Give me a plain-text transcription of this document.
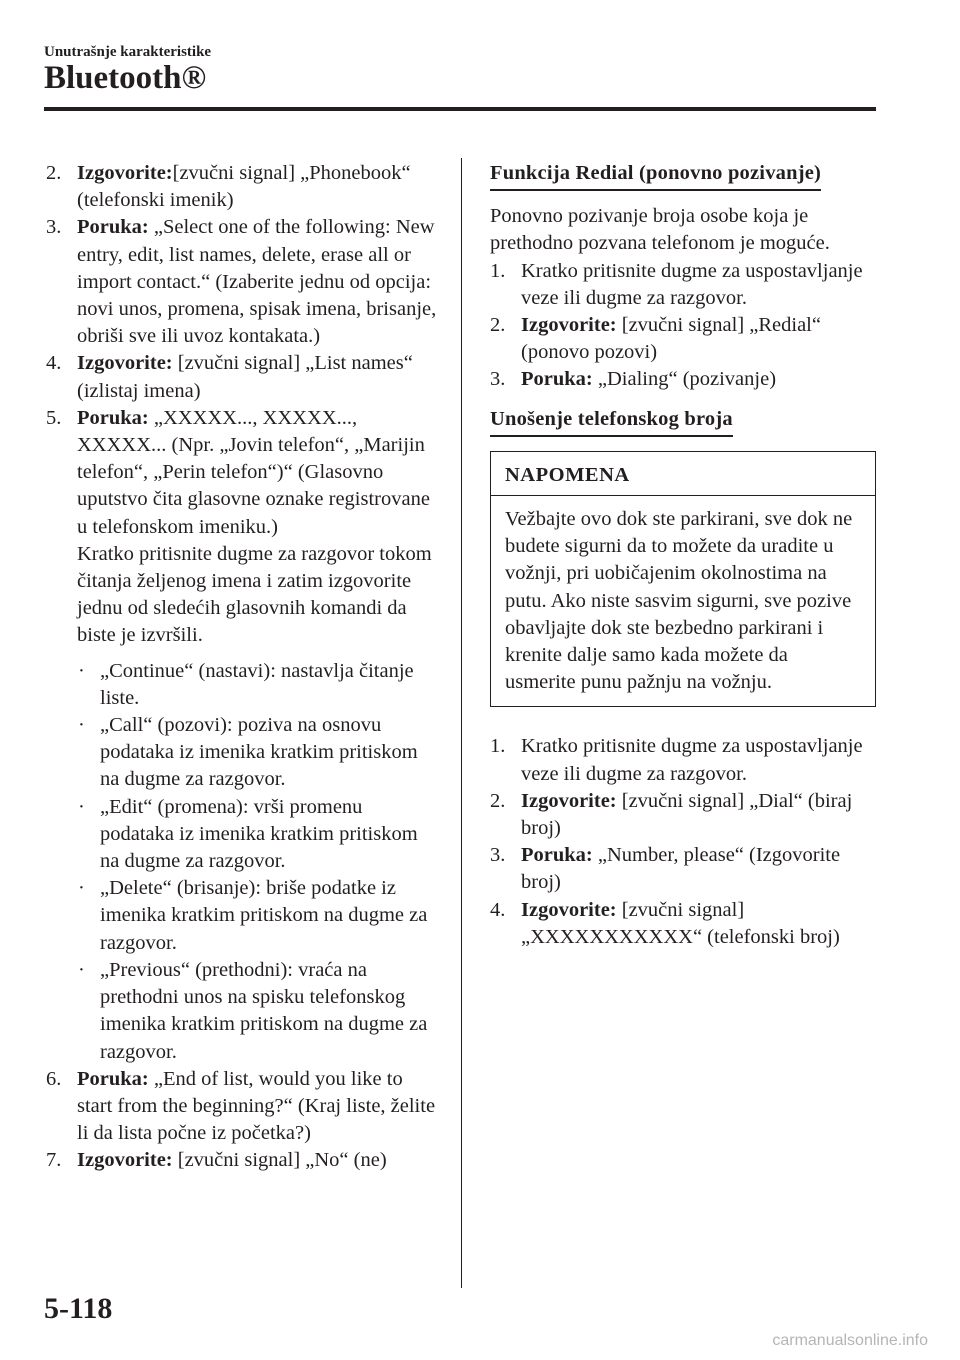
Unutrašnje karakteristike
Bluetooth®
2. Izgovorite:[zvučni signal] „Phonebook“ (telefonski imenik)
3. Poruka: „Select one of the following: New entry, edit, list names, delete, erase all or import contact.“ (Izaberite jednu od opcija: novi unos, promena, spisak imena, brisanje, obriši sve ili uvoz kontakata.)
4. Izgovorite: [zvučni signal] „List names“ (izlistaj imena)
5. Poruka: „XXXXX..., XXXXX..., XXXXX... (Npr. „Jovin telefon“, „Marijin telefon“, „Perin telefon“)“ (Glasovno uputstvo čita glasovne oznake registrovane u telefonskom imeniku.)
Kratko pritisnite dugme za razgovor tokom čitanja željenog imena i zatim izgovorite jednu od sledećih glasovnih komandi da biste je izvršili.
· „Continue“ (nastavi): nastavlja čitanje liste.
· „Call“ (pozovi): poziva na osnovu podataka iz imenika kratkim pritiskom na dugme za razgovor.
· „Edit“ (promena): vrši promenu podataka iz imenika kratkim pritiskom na dugme za razgovor.
· „Delete“ (brisanje): briše podatke iz imenika kratkim pritiskom na dugme za razgovor.
· „Previous“ (prethodni): vraća na prethodni unos na spisku telefonskog imenika kratkim pritiskom na dugme za razgovor.
6. Poruka: „End of list, would you like to start from the beginning?“ (Kraj liste, želite li da lista počne iz početka?)
7. Izgovorite: [zvučni signal] „No“ (ne)
Funkcija Redial (ponovno pozivanje)

Ponovno pozivanje broja osobe koja je prethodno pozvana telefonom je moguće.

1. Kratko pritisnite dugme za uspostavljanje veze ili dugme za razgovor.
2. Izgovorite: [zvučni signal] „Redial“ (ponovo pozovi)
3. Poruka: „Dialing“ (pozivanje)
Unošenje telefonskog broja
NAPOMENA
Vežbajte ovo dok ste parkirani, sve dok ne budete sigurni da to možete da uradite u vožnji, pri uobičajenim okolnostima na putu. Ako niste sasvim sigurni, sve pozive obavljajte dok ste bezbedno parkirani i krenite dalje samo kada možete da usmerite punu pažnju na vožnju.
1. Kratko pritisnite dugme za uspostavljanje veze ili dugme za razgovor.
2. Izgovorite: [zvučni signal] „Dial“ (biraj broj)
3. Poruka: „Number, please“ (Izgovorite broj)
4. Izgovorite: [zvučni signal] „XXXXXXXXXXX“ (telefonski broj)
5-118
carmanualsonline.info
